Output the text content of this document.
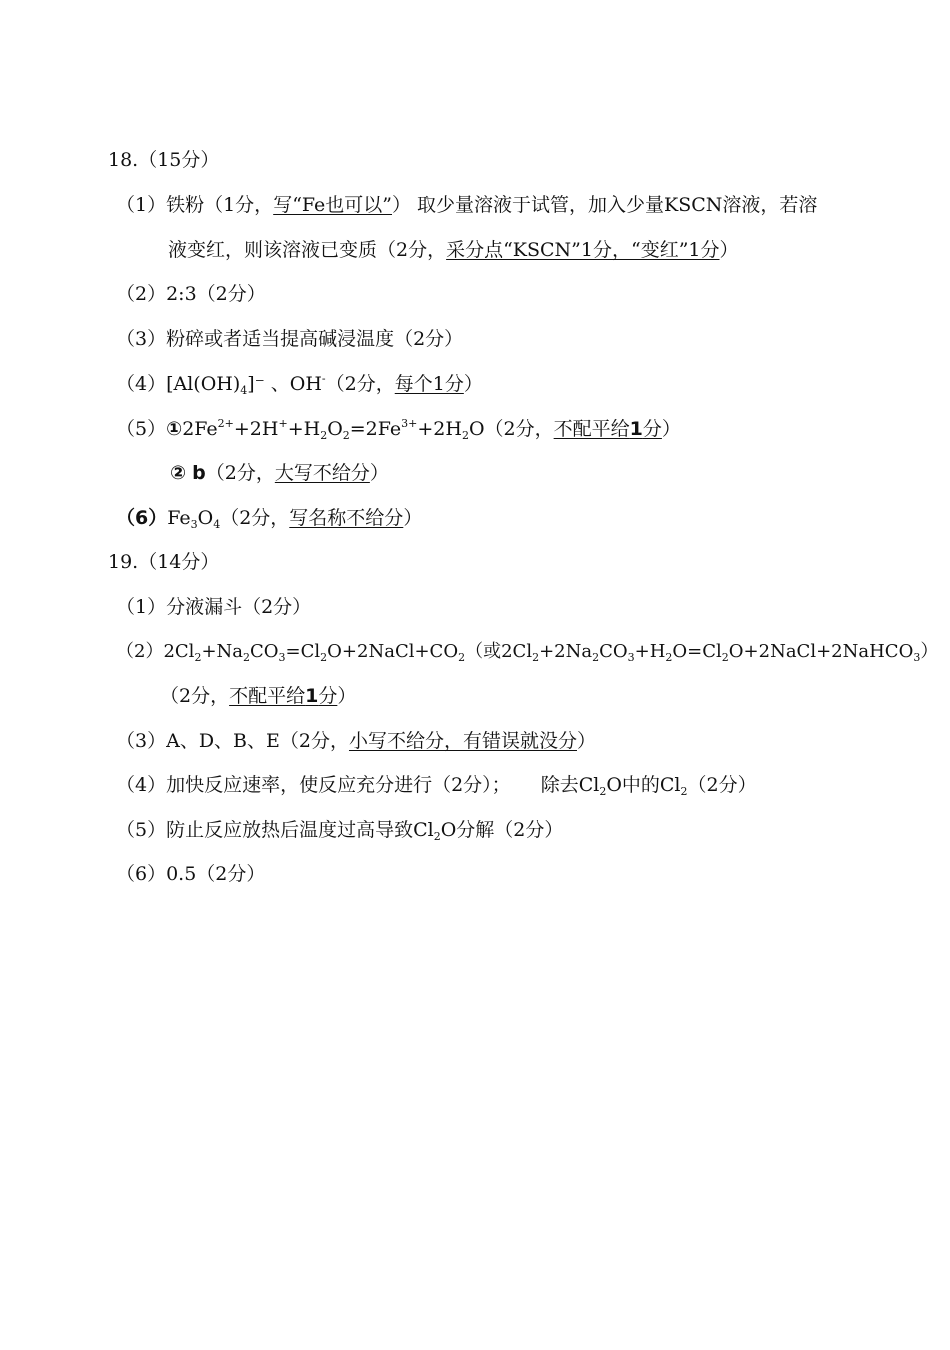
18.（15分）
（1）铁粉（1分，写“Fe也可以”） 取少量溶液于试管，加入少量KSCN溶液，若溶
液变红，则该溶液已变质（2分，采分点“KSCN”1分，“变红”1分）
（2）2:3（2分）
（3）粉碎或者适当提高碱浸温度（2分）
$(4)[Al(OH)_4]^-$ 、OH-（2分，每个1分）
$(5)①2Fe^{2+}+2H^++H_2O_2=2Fe^{3+}+2H_2O(2$分，不配平给1分）
② b（2分，大写不给分）
$(6)Fe_3O_4(2$分，写名称不给分）
19.（14分）
（1）分液漏斗（2分）
$(2)2Cl_2+Na_2CO_3=Cl_2O+2NaCl+CO_2$（或$2Cl_2+2Na_2CO_3+H_2O=Cl_2O+2NaCl+2NaHCO_3$）
（2分，不配平给1分）
（3）A、D、B、E（2分，小写不给分，有错误就没分）
（4）加快反应速率，使反应充分进行（2分）； 除去$Cl_2O$中的$Cl_2(2$分）
（5）防止反应放热后温度过高导致$Cl_2O$分解（2分）
（6）0.5（2分）
